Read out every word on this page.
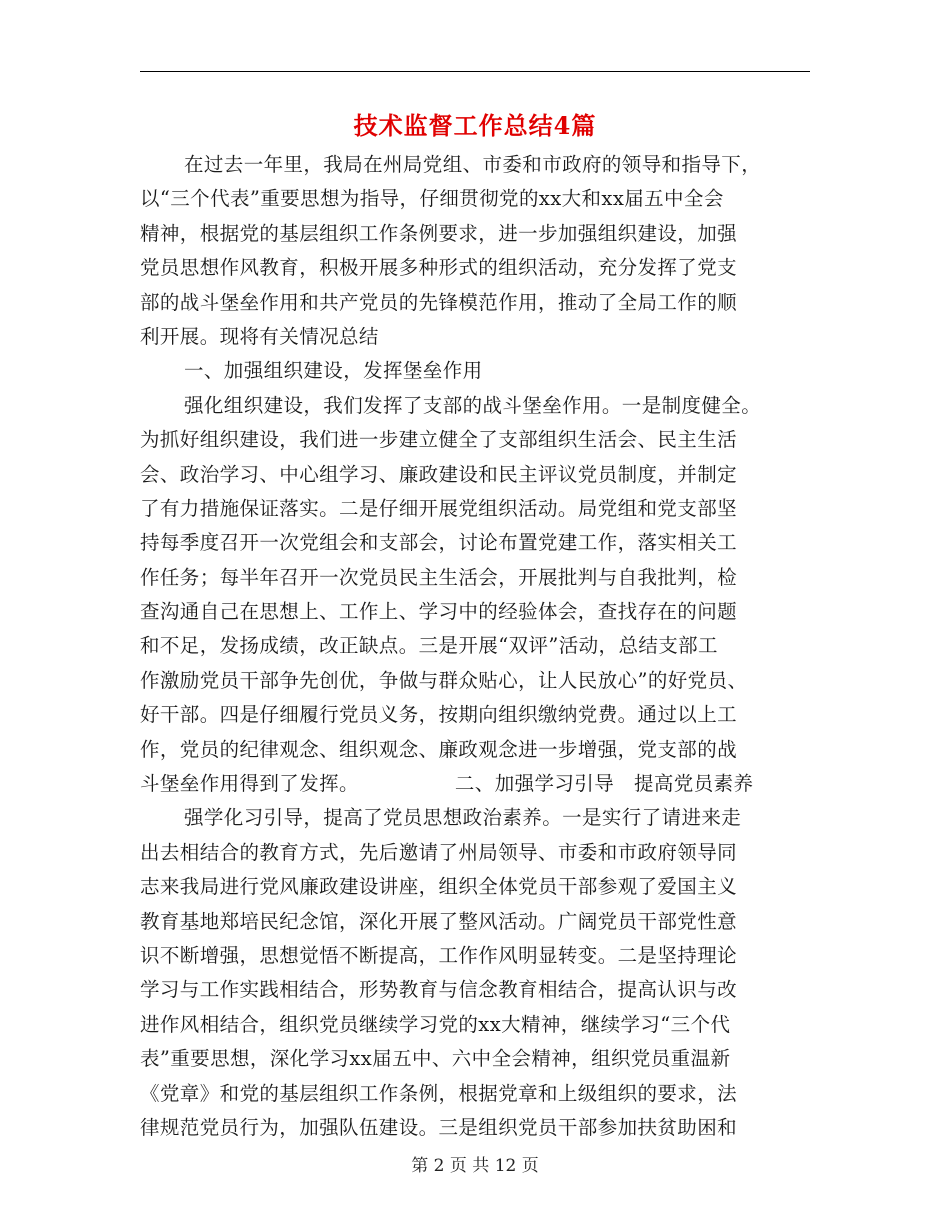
技术监督工作总结4篇
在过去一年里，我局在州局党组、市委和市政府的领导和指导下，
以“三个代表”重要思想为指导，仔细贯彻党的xx大和xx届五中全会
精神，根据党的基层组织工作条例要求，进一步加强组织建设，加强
党员思想作风教育，积极开展多种形式的组织活动，充分发挥了党支
部的战斗堡垒作用和共产党员的先锋模范作用，推动了全局工作的顺
利开展。现将有关情况总结
一、加强组织建设，发挥堡垒作用
强化组织建设，我们发挥了支部的战斗堡垒作用。一是制度健全。
为抓好组织建设，我们进一步建立健全了支部组织生活会、民主生活
会、政治学习、中心组学习、廉政建设和民主评议党员制度，并制定
了有力措施保证落实。二是仔细开展党组织活动。局党组和党支部坚
持每季度召开一次党组会和支部会，讨论布置党建工作，落实相关工
作任务；每半年召开一次党员民主生活会，开展批判与自我批判，检
查沟通自己在思想上、工作上、学习中的经验体会，查找存在的问题
和不足，发扬成绩，改正缺点。三是开展“双评”活动，总结支部工
作激励党员干部争先创优，争做与群众贴心，让人民放心”的好党员、
好干部。四是仔细履行党员义务，按期向组织缴纳党费。通过以上工
作，党员的纪律观念、组织观念、廉政观念进一步增强，党支部的战
斗堡垒作用得到了发挥。	二、加强学习引导　提高党员素养
强学化习引导，提高了党员思想政治素养。一是实行了请进来走
出去相结合的教育方式，先后邀请了州局领导、市委和市政府领导同
志来我局进行党风廉政建设讲座，组织全体党员干部参观了爱国主义
教育基地郑培民纪念馆，深化开展了整风活动。广阔党员干部党性意
识不断增强，思想觉悟不断提高，工作作风明显转变。二是坚持理论
学习与工作实践相结合，形势教育与信念教育相结合，提高认识与改
进作风相结合，组织党员继续学习党的xx大精神，继续学习“三个代
表”重要思想，深化学习xx届五中、六中全会精神，组织党员重温新
《党章》和党的基层组织工作条例，根据党章和上级组织的要求，法
律规范党员行为，加强队伍建设。三是组织党员干部参加扶贫助困和
第 2 页 共 12 页
